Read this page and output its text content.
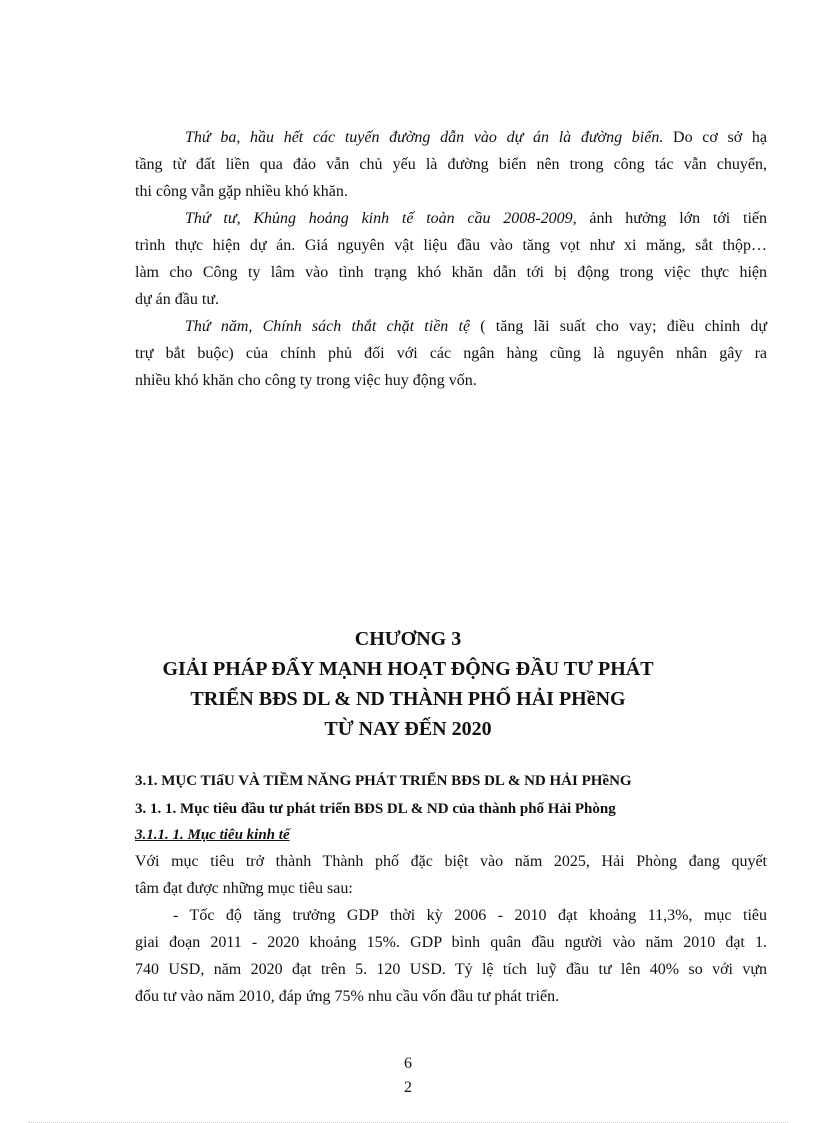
Thứ ba, hầu hết các tuyến đường dẫn vào dự án là đường biển. Do cơ sở hạ
tầng từ đất liền qua đảo vẫn chủ yếu là đường biển nên trong công tác vẫn chuyển,
thi công vẫn gặp nhiều khó khăn.
Thứ tư, Khủng hoảng kinh tế toàn cầu 2008-2009, ảnh hưởng lớn tới tiến
trình thực hiện dự án. Giá nguyên vật liệu đầu vào tăng vọt như xi măng, sắt thộp…
làm cho Công ty lâm vào tình trạng khó khăn dẫn tới bị động trong việc thực hiện
dự án đầu tư.
Thứ năm, Chính sách thắt chặt tiền tệ ( tăng lãi suất cho vay; điều chỉnh dự
trự bắt buộc) của chính phủ đối với các ngân hàng cũng là nguyên nhân gây ra
nhiều khó khăn cho công ty trong việc huy động vốn.
CHƯƠNG 3
GIẢI PHÁP ĐẨY MẠNH HOẠT ĐỘNG ĐẦU TƯ PHÁT
TRIỂN BĐS DL & ND THÀNH PHỐ HẢI PHềNG
TỪ NAY ĐẾN 2020
3.1. MỤC TIấU VÀ TIỀM NĂNG PHÁT TRIỂN BĐS DL & ND HẢI PHềNG
3. 1. 1. Mục tiêu đầu tư phát triển BĐS DL & ND của thành phố Hải Phòng
3.1.1. 1. Mục tiêu kinh tế
Với mục tiêu trở thành Thành phố đặc biệt vào năm 2025, Hải Phòng đang quyết
tâm đạt được những mục tiêu sau:
- Tốc độ tăng trưởng GDP thời kỳ 2006 - 2010 đạt khoảng 11,3%, mục tiêu
giai đoạn 2011 - 2020 khoảng 15%. GDP bình quân đầu người vào năm 2010 đạt 1.
740 USD, năm 2020 đạt trên 5. 120 USD. Tỷ lệ tích luỹ đầu tư lên 40% so với vựn
đổu tư vào năm 2010, đáp ứng 75% nhu cầu vốn đầu tư phát triển.
6
2
